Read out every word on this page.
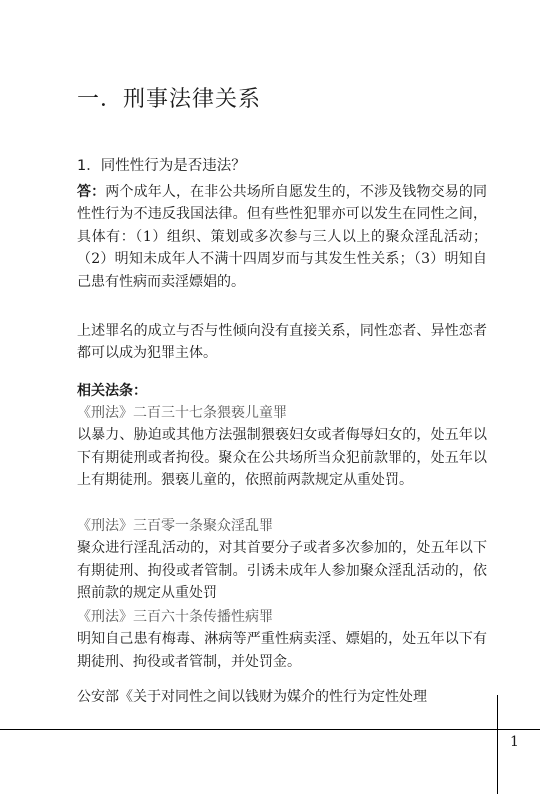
一．刑事法律关系
1．同性性行为是否违法？

答：两个成年人，在非公共场所自愿发生的，不涉及钱物交易的同性性行为不违反我国法律。但有些性犯罪亦可以发生在同性之间，具体有：（1）组织、策划或多次参与三人以上的聚众淫乱活动；（2）明知未成年人不满十四周岁而与其发生性关系；（3）明知自己患有性病而卖淫嫖娼的。

上述罪名的成立与否与性倾向没有直接关系，同性恋者、异性恋者都可以成为犯罪主体。

相关法条：

《刑法》二百三十七条猥亵儿童罪
以暴力、胁迫或其他方法强制猥亵妇女或者侮辱妇女的，处五年以下有期徒刑或者拘役。聚众在公共场所当众犯前款罪的，处五年以上有期徒刑。猥亵儿童的，依照前两款规定从重处罚。
《刑法》三百零一条聚众淫乱罪
聚众进行淫乱活动的，对其首要分子或者多次参加的，处五年以下有期徒刑、拘役或者管制。引诱未成年人参加聚众淫乱活动的，依照前款的规定从重处罚
《刑法》三百六十条传播性病罪
明知自己患有梅毒、淋病等严重性病卖淫、嫖娼的，处五年以下有期徒刑、拘役或者管制，并处罚金。

公安部《关于对同性之间以钱财为媒介的性行为定性处理

1
